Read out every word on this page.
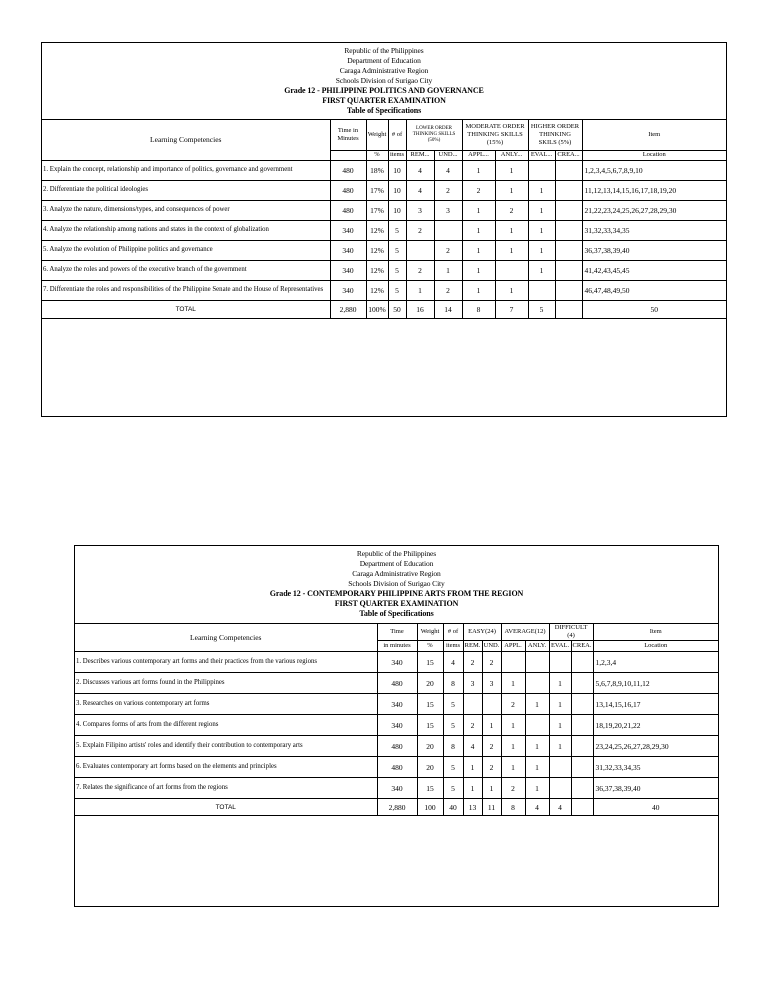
Republic of the Philippines
Department of Education
Caraga Administrative Region
Schools Division of Surigao City
Grade 12 - PHILIPPINE POLITICS AND GOVERNANCE
FIRST QUARTER EXAMINATION
Table of Specifications
Learning Competencies	Time in Minutes	Weight	# of	LOWER ORDER THINKING SKILLS (50%)		MODERATE ORDER THINKING SKILLS (15%)		HIGHER ORDER THINKING SKILS (5%)		Item
		%	items	REM...	UND...	APPL...	ANLY...	EVAL...	CREA...	Location
1. Explain the concept, relationship and importance of politics, governance and government	480	18%	10	4	4	1	1			1,2,3,4,5,6,7,8,9,10
2. Differentiate the political ideologies	480	17%	10	4	2	2	1	1		11,12,13,14,15,16,17,18,19,20
3. Analyze the nature, dimensions/types, and consequences of power	480	17%	10	3	3	1	2	1		21,22,23,24,25,26,27,28,29,30
4. Analyze the relationship among nations and states in the context of globalization	340	12%	5	2		1	1	1		31,32,33,34,35
5. Analyze the evolution of Philippine politics and governance	340	12%	5		2	1	1	1		36,37,38,39,40
6. Analyze the roles and powers of the executive branch of the government	340	12%	5	2	1	1		1		41,42,43,45,45
7. Differentiate the roles and responsibilities of the Philippine Senate and the House of Representatives	340	12%	5	1	2	1	1			46,47,48,49,50
TOTAL	2,880	100%	50	16	14	8	7	5		50
Republic of the Philippines
Department of Education
Caraga Administrative Region
Schools Division of Surigao City
Grade 12 - CONTEMPORARY PHILIPPINE ARTS FROM THE REGION
FIRST QUARTER EXAMINATION
Table of Specifications
Learning Competencies	Time	Weight	# of	EASY(24)		AVERAGE(12)		DIFFICULT (4)		Item
	in minutes	%	items	REM.	UND.	APPL.	ANLY.	EVAL.	CREA.	Location
1. Describes various contemporary art forms and their practices from the various regions	340	15	4	2	2					1,2,3,4
2. Discusses various art forms found in the Philippines	480	20	8	3	3	1		1		5,6,7,8,9,10,11,12
3. Researches on various contemporary art forms	340	15	5			2	1	1		13,14,15,16,17
4. Compares forms of arts from the different regions	340	15	5	2	1	1		1		18,19,20,21,22
5. Explain Filipino artists' roles and identify their contribution to contemporary arts	480	20	8	4	2	1	1	1		23,24,25,26,27,28,29,30
6. Evaluates contemporary art forms based on the elements and principles	480	20	5	1	2	1	1			31,32,33,34,35
7. Relates the significance of art forms from the regions	340	15	5	1	1	2	1			36,37,38,39,40
TOTAL	2,880	100	40	13	11	8	4	4		40
